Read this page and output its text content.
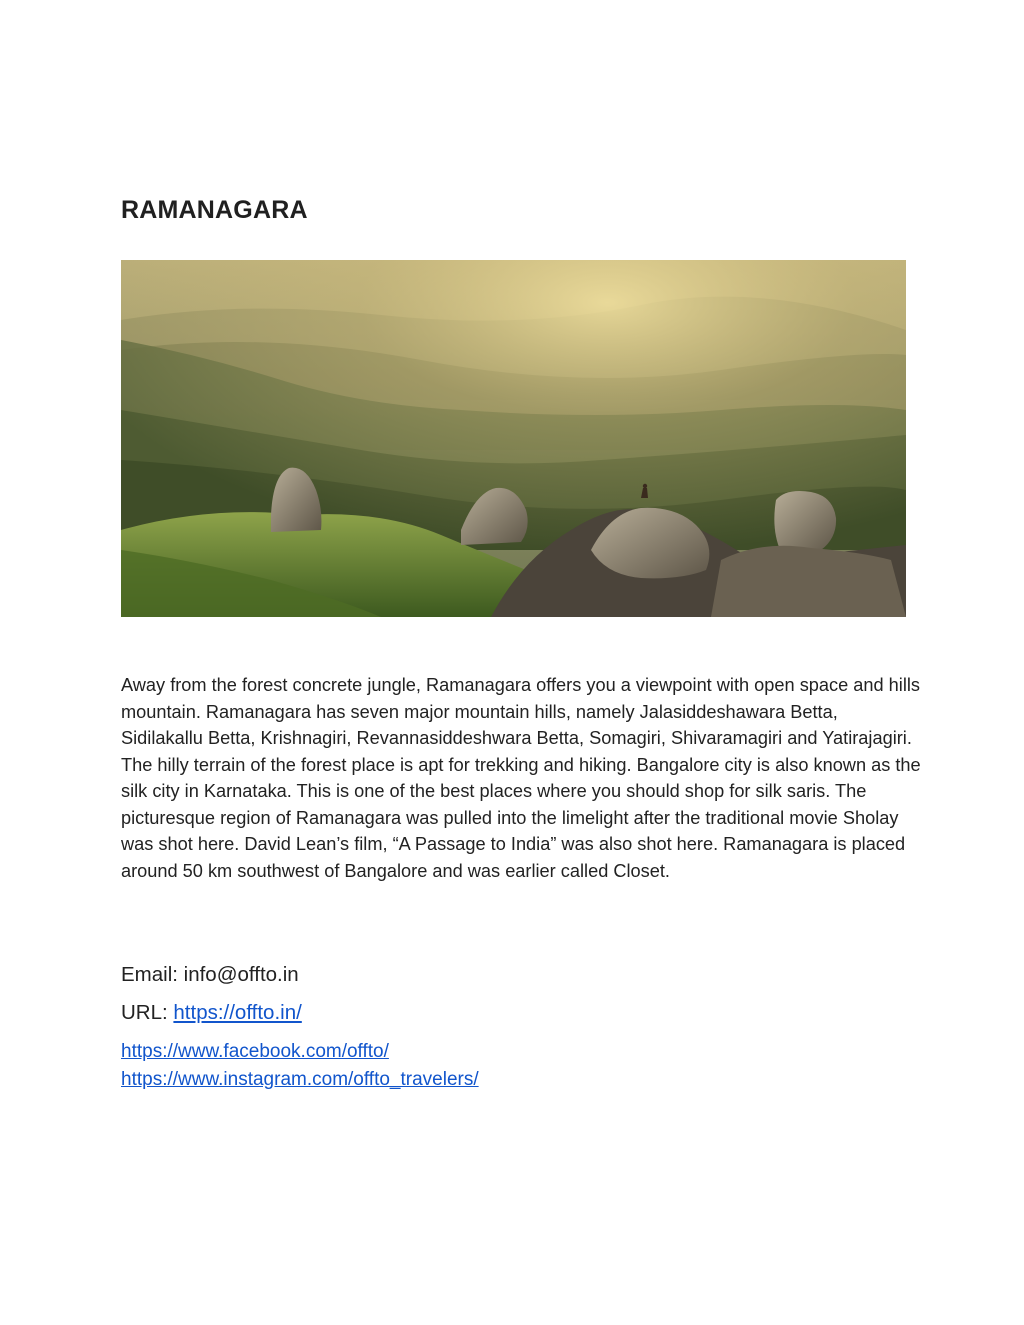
RAMANAGARA

Away from the forest concrete jungle, Ramanagara offers you a viewpoint with open space and hills mountain. Ramanagara has seven major mountain hills, namely Jalasiddeshawara Betta, Sidilakallu Betta, Krishnagiri, Revannasiddeshwara Betta, Somagiri, Shivaramagiri and Yatirajagiri. The hilly terrain of the forest place is apt for trekking and hiking. Bangalore city is also known as the silk city in Karnataka. This is one of the best places where you should shop for silk saris. The picturesque region of Ramanagara was pulled into the limelight after the traditional movie Sholay was shot here. David Lean’s film, “A Passage to India” was also shot here. Ramanagara is placed around 50 km southwest of Bangalore and was earlier called Closet.

Email: info@offto.in

URL: https://offto.in/

https://www.facebook.com/offto/

https://www.instagram.com/offto_travelers/
